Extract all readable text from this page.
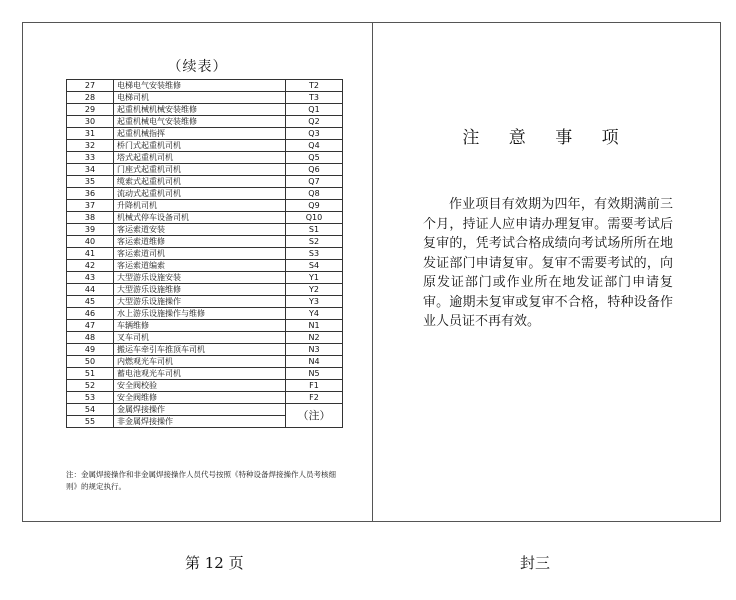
（续表）
27	电梯电气安装维修	T2
28	电梯司机	T3
29	起重机械机械安装维修	Q1
30	起重机械电气安装维修	Q2
31	起重机械指挥	Q3
32	桥门式起重机司机	Q4
33	塔式起重机司机	Q5
34	门座式起重机司机	Q6
35	缆索式起重机司机	Q7
36	流动式起重机司机	Q8
37	升降机司机	Q9
38	机械式停车设备司机	Q10
39	客运索道安装	S1
40	客运索道维修	S2
41	客运索道司机	S3
42	客运索道编索	S4
43	大型游乐设施安装	Y1
44	大型游乐设施维修	Y2
45	大型游乐设施操作	Y3
46	水上游乐设施操作与维修	Y4
47	车辆维修	N1
48	叉车司机	N2
49	搬运车牵引车推顶车司机	N3
50	内燃观光车司机	N4
51	蓄电池观光车司机	N5
52	安全阀校验	F1
53	安全阀维修	F2
54	金属焊接操作	（注）
55	非金属焊接操作	
注：金属焊接操作和非金属焊接操作人员代号按照《特种设备焊接操作人员考核细则》的规定执行。
注 意 事 项
作业项目有效期为四年，有效期满前三个月，持证人应申请办理复审。需要考试后复审的，凭考试合格成绩向考试场所所在地发证部门申请复审。复审不需要考试的，向原发证部门或作业所在地发证部门申请复审。逾期未复审或复审不合格，特种设备作业人员证不再有效。
第 12 页	封三
